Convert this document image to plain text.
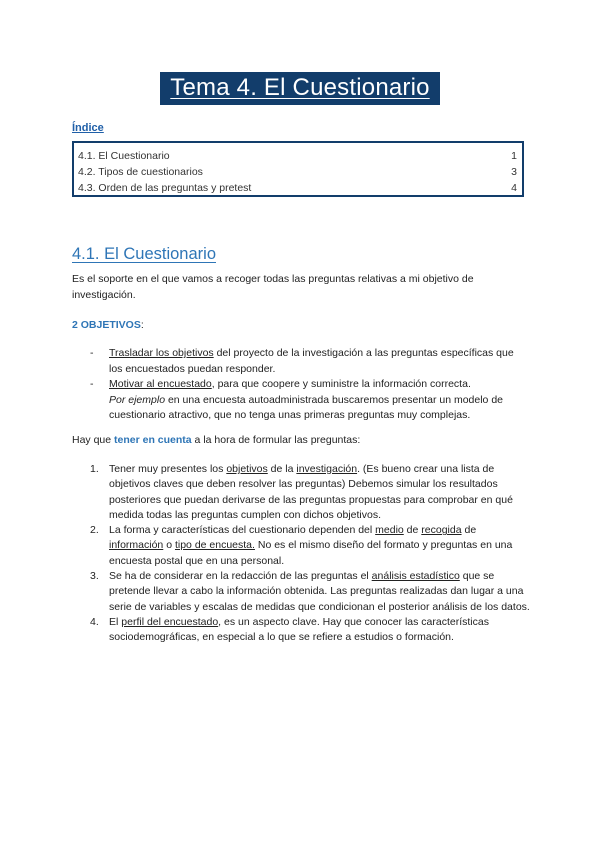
Tema 4. El Cuestionario
Índice
4.1. El Cuestionario	1
4.2. Tipos de cuestionarios	3
4.3. Orden de las preguntas y pretest	4
4.1. El Cuestionario
Es el soporte en el que vamos a recoger todas las preguntas relativas a mi objetivo de investigación.
2 OBJETIVOS:
-	Trasladar los objetivos del proyecto de la investigación a las preguntas específicas que los encuestados puedan responder.
-	Motivar al encuestado, para que coopere y suministre la información correcta.
Por ejemplo en una encuesta autoadministrada buscaremos presentar un modelo de cuestionario atractivo, que no tenga unas primeras preguntas muy complejas.
Hay que tener en cuenta a la hora de formular las preguntas:
1. Tener muy presentes los objetivos de la investigación. (Es bueno crear una lista de objetivos claves que deben resolver las preguntas) Debemos simular los resultados posteriores que puedan derivarse de las preguntas propuestas para comprobar en qué medida todas las preguntas cumplen con dichos objetivos.
2. La forma y características del cuestionario dependen del medio de recogida de información o tipo de encuesta. No es el mismo diseño del formato y preguntas en una encuesta postal que en una personal.
3. Se ha de considerar en la redacción de las preguntas el análisis estadístico que se pretende llevar a cabo la información obtenida. Las preguntas realizadas dan lugar a una serie de variables y escalas de medidas que condicionan el posterior análisis de los datos.
4. El perfil del encuestado, es un aspecto clave. Hay que conocer las características sociodemográficas, en especial a lo que se refiere a estudios o formación.
